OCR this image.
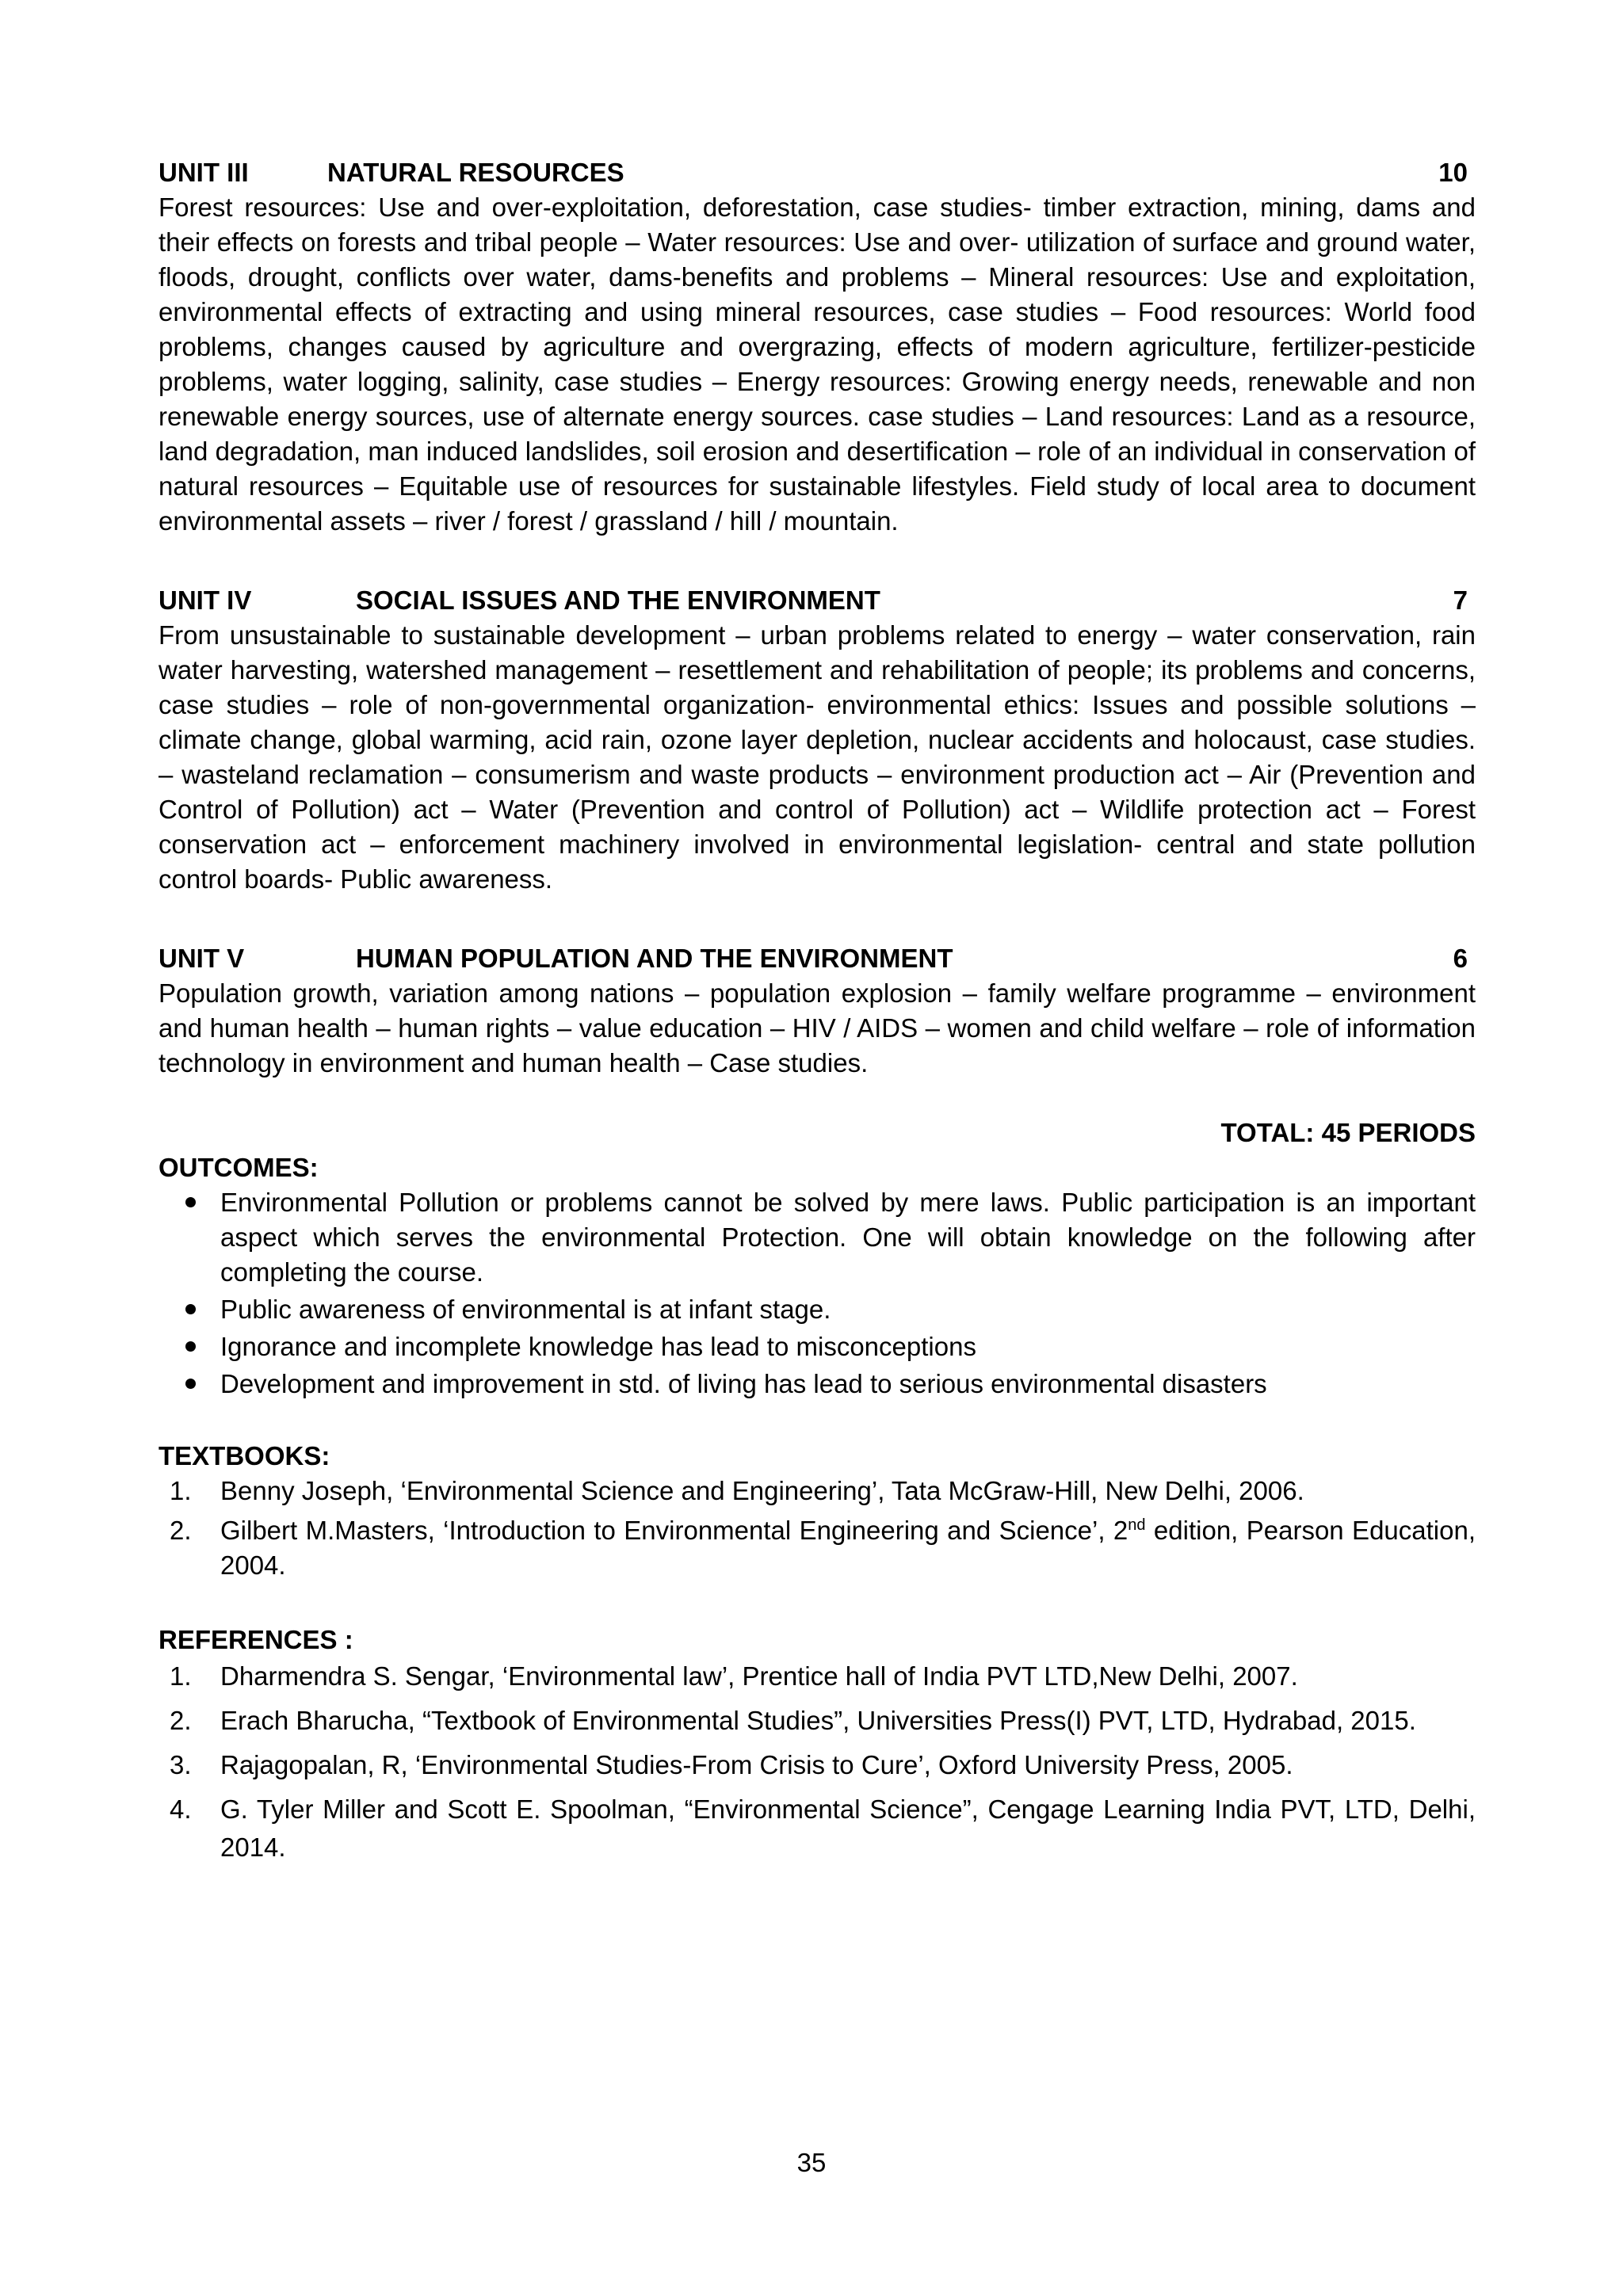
UNIT III	NATURAL RESOURCES	10

Forest resources: Use and over-exploitation, deforestation, case studies- timber extraction, mining, dams and their effects on forests and tribal people – Water resources: Use and over- utilization of surface and ground water, floods, drought, conflicts over water, dams-benefits and problems – Mineral resources: Use and exploitation, environmental effects of extracting and using mineral resources, case studies – Food resources: World food problems, changes caused by agriculture and overgrazing, effects of modern agriculture, fertilizer-pesticide problems, water logging, salinity, case studies – Energy resources: Growing energy needs, renewable and non renewable energy sources, use of alternate energy sources. case studies – Land resources: Land as a resource, land degradation, man induced landslides, soil erosion and desertification – role of an individual in conservation of natural resources – Equitable use of resources for sustainable lifestyles. Field study of local area to document environmental assets – river / forest / grassland / hill / mountain.

UNIT IV	SOCIAL ISSUES AND THE ENVIRONMENT	7

From unsustainable to sustainable development – urban problems related to energy – water conservation, rain water harvesting, watershed management – resettlement and rehabilitation of people; its problems and concerns, case studies – role of non-governmental organization- environmental ethics: Issues and possible solutions – climate change, global warming, acid rain, ozone layer depletion, nuclear accidents and holocaust, case studies. – wasteland reclamation – consumerism and waste products – environment production act – Air (Prevention and Control of Pollution) act – Water (Prevention and control of Pollution) act – Wildlife protection act – Forest conservation act – enforcement machinery involved in environmental legislation- central and state pollution control boards- Public awareness.

UNIT V	HUMAN POPULATION AND THE ENVIRONMENT	6

Population growth, variation among nations – population explosion – family welfare programme – environment and human health – human rights – value education – HIV / AIDS – women and child welfare – role of information technology in environment and human health – Case studies.

TOTAL: 45 PERIODS
OUTCOMES:
Environmental Pollution or problems cannot be solved by mere laws. Public participation is an important aspect which serves the environmental Protection. One will obtain knowledge on the following after completing the course.
Public awareness of environmental is at infant stage.
Ignorance and incomplete knowledge has lead to misconceptions
Development and improvement in std. of living has lead to serious environmental disasters
TEXTBOOKS:
1. Benny Joseph, ‘Environmental Science and Engineering’, Tata McGraw-Hill, New Delhi, 2006.
2. Gilbert M.Masters, ‘Introduction to Environmental Engineering and Science’, 2nd edition, Pearson Education, 2004.
REFERENCES :
1. Dharmendra S. Sengar, ‘Environmental law’, Prentice hall of India PVT LTD,New Delhi, 2007.
2. Erach Bharucha, “Textbook of Environmental Studies”, Universities Press(I) PVT, LTD, Hydrabad, 2015.
3. Rajagopalan, R, ‘Environmental Studies-From Crisis to Cure’, Oxford University Press, 2005.
4. G. Tyler Miller and Scott E. Spoolman, “Environmental Science”, Cengage Learning India PVT, LTD, Delhi, 2014.
35
